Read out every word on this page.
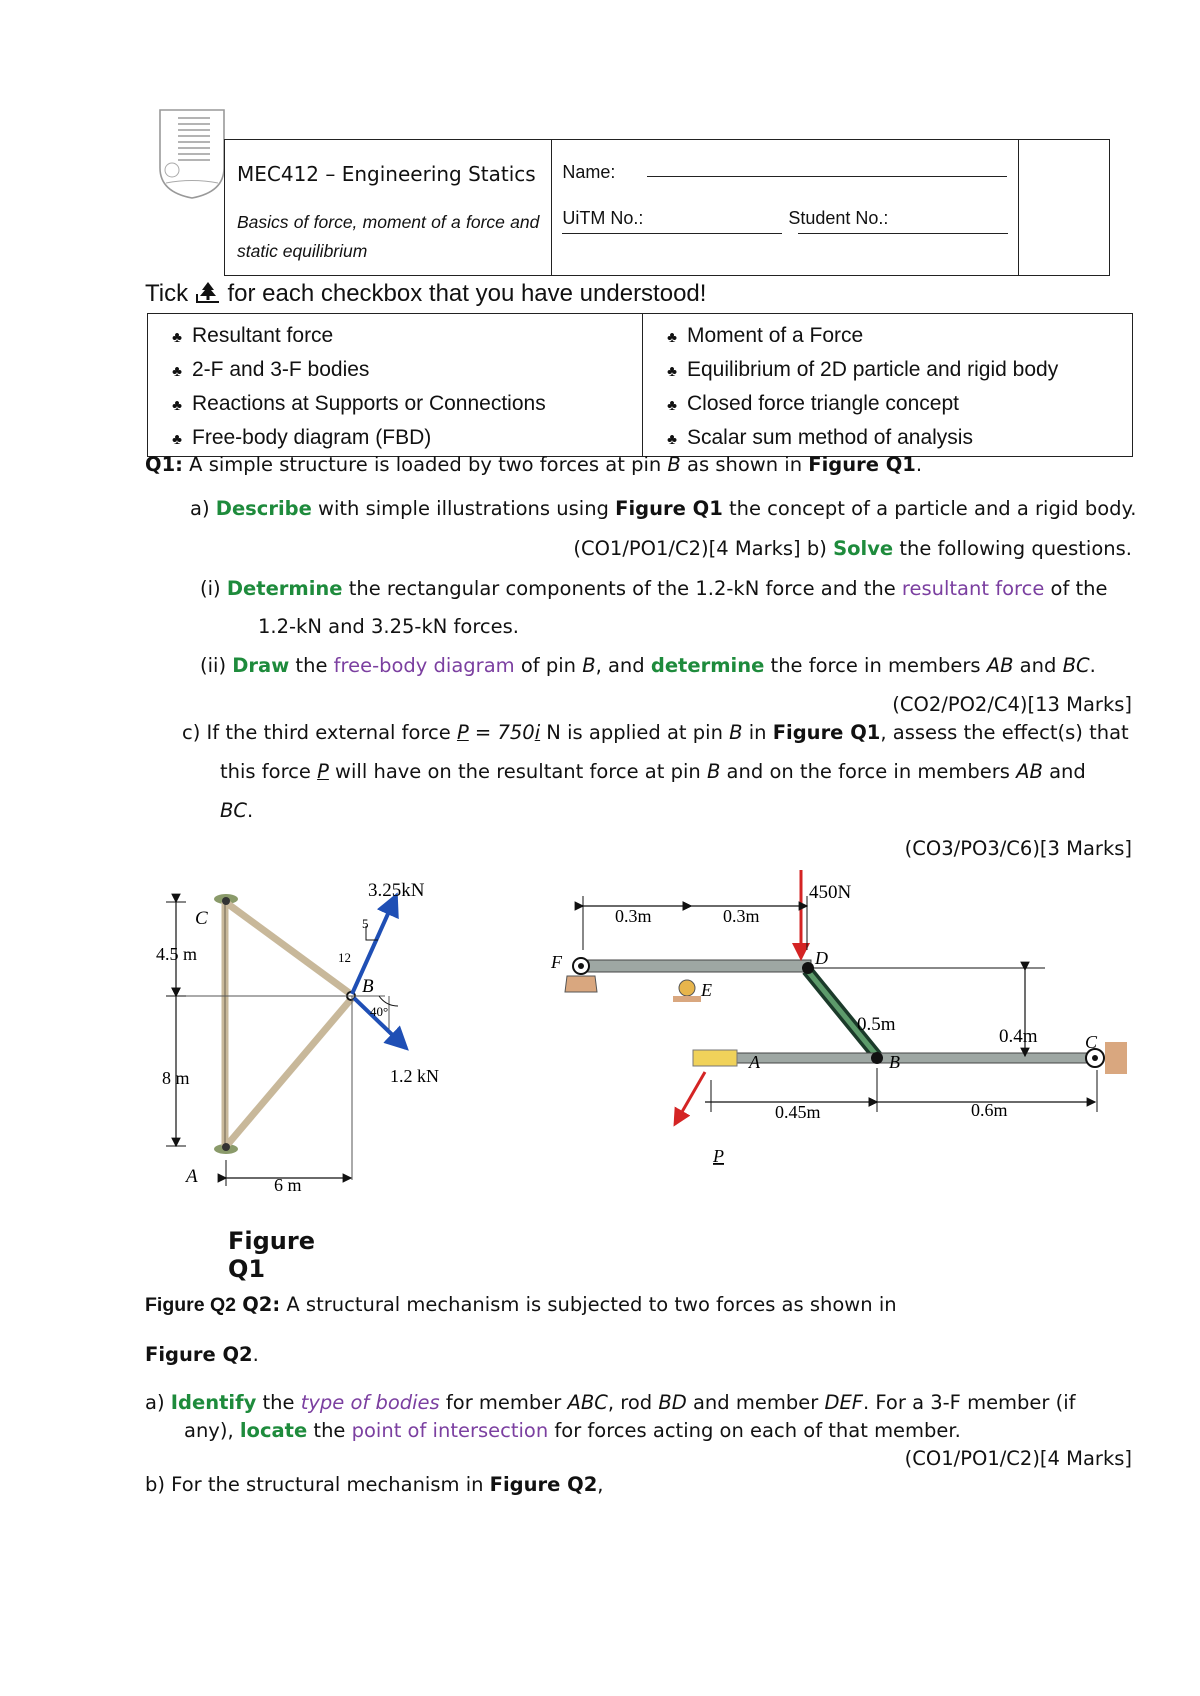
MEC412 – Engineering Statics
Basics of force, moment of a force and static equilibrium

Name:
UiTM No.:	Student No.:

Tick for each checkbox that you have understood!
♣ Resultant force
♣ 2-F and 3-F bodies
♣ Reactions at Supports or Connections
♣ Free-body diagram (FBD)

♣ Moment of a Force
♣ Equilibrium of 2D particle and rigid body
♣ Closed force triangle concept
♣ Scalar sum method of analysis
Q1: A simple structure is loaded by two forces at pin B as shown in Figure Q1.
a) Describe with simple illustrations using Figure Q1 the concept of a particle and a rigid body.
(CO1/PO1/C2)[4 Marks] b) Solve the following questions.
(i) Determine the rectangular components of the 1.2-kN force and the resultant force of the
1.2-kN and 3.25-kN forces.
(ii) Draw the free-body diagram of pin B, and determine the force in members AB and BC.
(CO2/PO2/C4)[13 Marks]
c) If the third external force P = 750i N is applied at pin B in Figure Q1, assess the effect(s) that
this force P will have on the resultant force at pin B and on the force in members AB and
BC.
(CO3/PO3/C6)[3 Marks]
3.25kN
1.2 kN
5
12
40°
C
B
A
4.5 m
8 m
6 m
450N
0.3m	0.3m
F
E
D
0.5m
0.4m
A	B
C
0.45m	0.6m
P
Figure Q1
Figure Q2 Q2: A structural mechanism is subjected to two forces as shown in
Figure Q2.
a) Identify the type of bodies for member ABC, rod BD and member DEF. For a 3-F member (if
any), locate the point of intersection for forces acting on each of that member.
(CO1/PO1/C2)[4 Marks]
b) For the structural mechanism in Figure Q2,
